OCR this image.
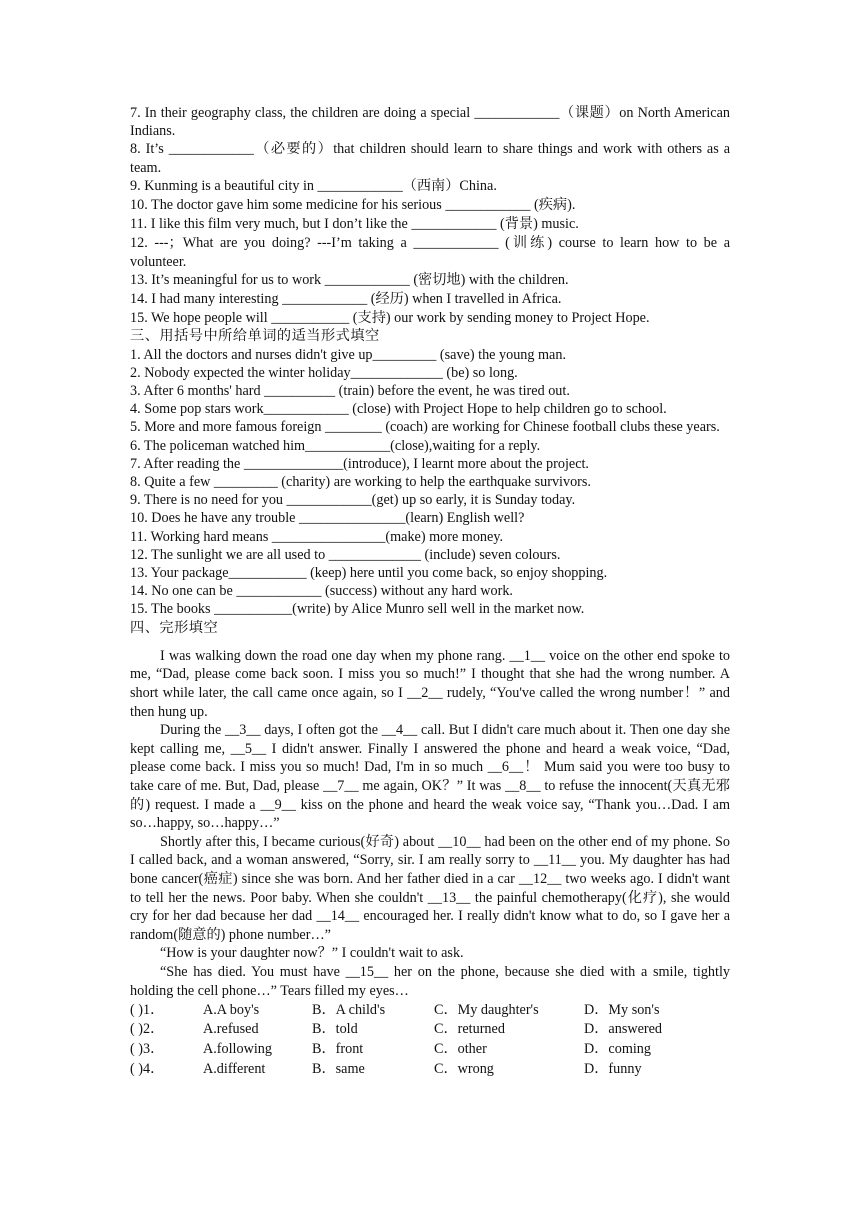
7. In their geography class, the children are doing a special ____________（课题）on North American Indians.

8. It’s ____________（必要的）that children should learn to share things and work with others as a team.

9. Kunming is a beautiful city in ____________（西南）China.

10. The doctor gave him some medicine for his serious ____________ (疾病).

11. I like this film very much, but I don’t like the ____________ (背景) music.

12. ---；What are you doing? ---I’m taking a ____________ (训练) course to learn how to be a volunteer.

13. It’s meaningful for us to work ____________ (密切地) with the children.

14. I had many interesting ____________ (经历) when I travelled in Africa.

15. We hope people will ___________ (支持) our work by sending money to Project Hope.

三、用括号中所给单词的适当形式填空

1. All the doctors and nurses didn't give up_________ (save) the young man.

2. Nobody expected the winter holiday_____________ (be) so long.

3. After 6 months' hard __________ (train) before the event, he was tired out.

4. Some pop stars work____________ (close) with Project Hope to help children go to school.

5. More and more famous foreign ________ (coach) are working for Chinese football clubs these years.

6. The policeman watched him____________(close),waiting for a reply.

7. After reading the ______________(introduce), I learnt more about the project.

8. Quite a few _________ (charity) are working to help the earthquake survivors.

9. There is no need for you ____________(get) up so early, it is Sunday today.

10. Does he have any trouble _______________(learn) English well?

11. Working hard means ________________(make) more money.

12. The sunlight we are all used to _____________ (include) seven colours.

13. Your package___________ (keep) here until you come back, so enjoy shopping.

14. No one can be ____________ (success) without any hard work.

15. The books ___________(write) by Alice Munro sell well in the market now.

四、完形填空

I was walking down the road one day when my phone rang. __1__ voice on the other end spoke to me, “Dad, please come back soon. I miss you so much!” I thought that she had the wrong number. A short while later, the call came once again, so I __2__ rudely, “You've called the wrong number！” and then hung up.

During the __3__ days, I often got the __4__ call. But I didn't care much about it. Then one day she kept calling me, __5__ I didn't answer. Finally I answered the phone and heard a weak voice, “Dad, please come back. I miss you so much! Dad, I'm in so much __6__！ Mum said you were too busy to take care of me. But, Dad, please __7__ me again, OK？” It was __8__ to refuse the innocent(天真无邪的) request. I made a __9__ kiss on the phone and heard the weak voice say, “Thank you…Dad. I am so…happy, so…happy…”

Shortly after this, I became curious(好奇) about __10__ had been on the other end of my phone. So I called back, and a woman answered, “Sorry, sir. I am really sorry to __11__ you. My daughter has had bone cancer(癌症) since she was born. And her father died in a car __12__ two weeks ago. I didn't want to tell her the news. Poor baby. When she couldn't __13__ the painful chemotherapy(化疗), she would cry for her dad because her dad __14__ encouraged her. I really didn't know what to do, so I gave her a random(随意的) phone number…”

“How is your daughter now？” I couldn't wait to ask.

“She has died. You must have __15__ her on the phone, because she died with a smile, tightly holding the cell phone…” Tears filled my eyes…

( )1．	A.A boy's	B．A child's	C．My daughter's	D．My son's
( )2．	A.refused	B．told	C．returned	D．answered
( )3．	A.following	B．front	C．other	D．coming
( )4．	A.different	B．same	C．wrong	D．funny
